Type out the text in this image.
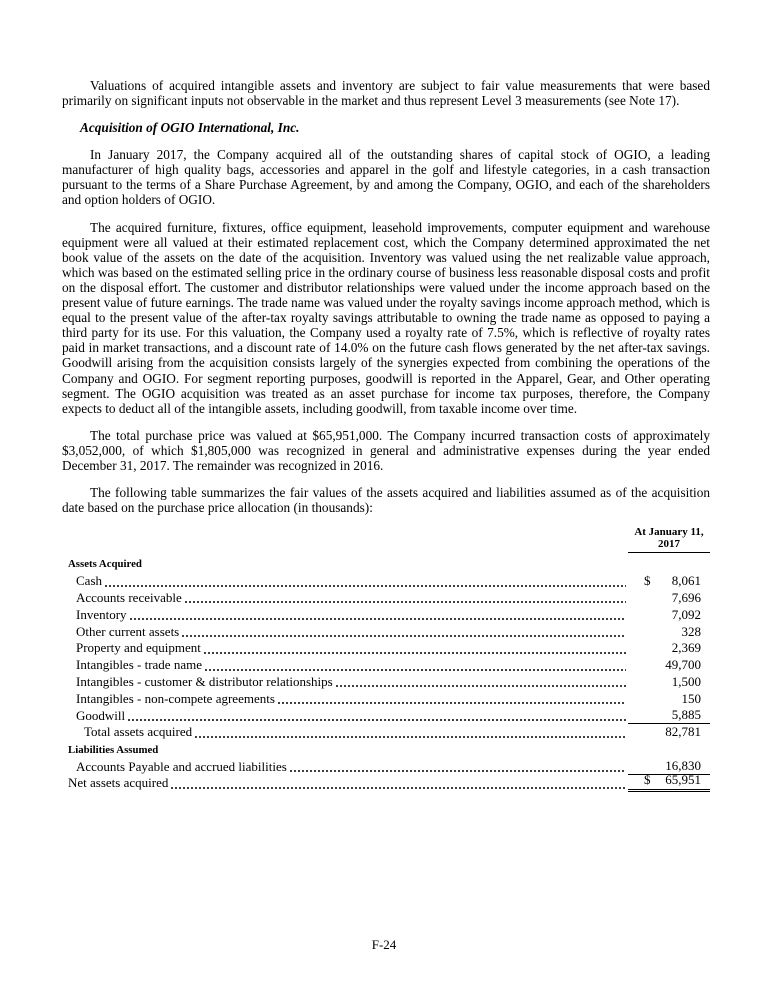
Valuations of acquired intangible assets and inventory are subject to fair value measurements that were based primarily on significant inputs not observable in the market and thus represent Level 3 measurements (see Note 17).

Acquisition of OGIO International, Inc.

In January 2017, the Company acquired all of the outstanding shares of capital stock of OGIO, a leading manufacturer of high quality bags, accessories and apparel in the golf and lifestyle categories, in a cash transaction pursuant to the terms of a Share Purchase Agreement, by and among the Company, OGIO, and each of the shareholders and option holders of OGIO.

The acquired furniture, fixtures, office equipment, leasehold improvements, computer equipment and warehouse equipment were all valued at their estimated replacement cost, which the Company determined approximated the net book value of the assets on the date of the acquisition. Inventory was valued using the net realizable value approach, which was based on the estimated selling price in the ordinary course of business less reasonable disposal costs and profit on the disposal effort. The customer and distributor relationships were valued under the income approach based on the present value of future earnings. The trade name was valued under the royalty savings income approach method, which is equal to the present value of the after-tax royalty savings attributable to owning the trade name as opposed to paying a third party for its use. For this valuation, the Company used a royalty rate of 7.5%, which is reflective of royalty rates paid in market transactions, and a discount rate of 14.0% on the future cash flows generated by the net after-tax savings. Goodwill arising from the acquisition consists largely of the synergies expected from combining the operations of the Company and OGIO. For segment reporting purposes, goodwill is reported in the Apparel, Gear, and Other operating segment. The OGIO acquisition was treated as an asset purchase for income tax purposes, therefore, the Company expects to deduct all of the intangible assets, including goodwill, from taxable income over time.

The total purchase price was valued at $65,951,000. The Company incurred transaction costs of approximately $3,052,000, of which $1,805,000 was recognized in general and administrative expenses during the year ended December 31, 2017. The remainder was recognized in 2016.

The following table summarizes the fair values of the assets acquired and liabilities assumed as of the acquisition date based on the purchase price allocation (in thousands):

At January 11,
2017
Assets Acquired
Cash	$ 8,061
Accounts receivable	7,696
Inventory	7,092
Other current assets	328
Property and equipment	2,369
Intangibles - trade name	49,700
Intangibles - customer & distributor relationships	1,500
Intangibles - non-compete agreements	150
Goodwill	5,885
Total assets acquired	82,781
Liabilities Assumed
Accounts Payable and accrued liabilities	16,830
Net assets acquired	$ 65,951
F-24
